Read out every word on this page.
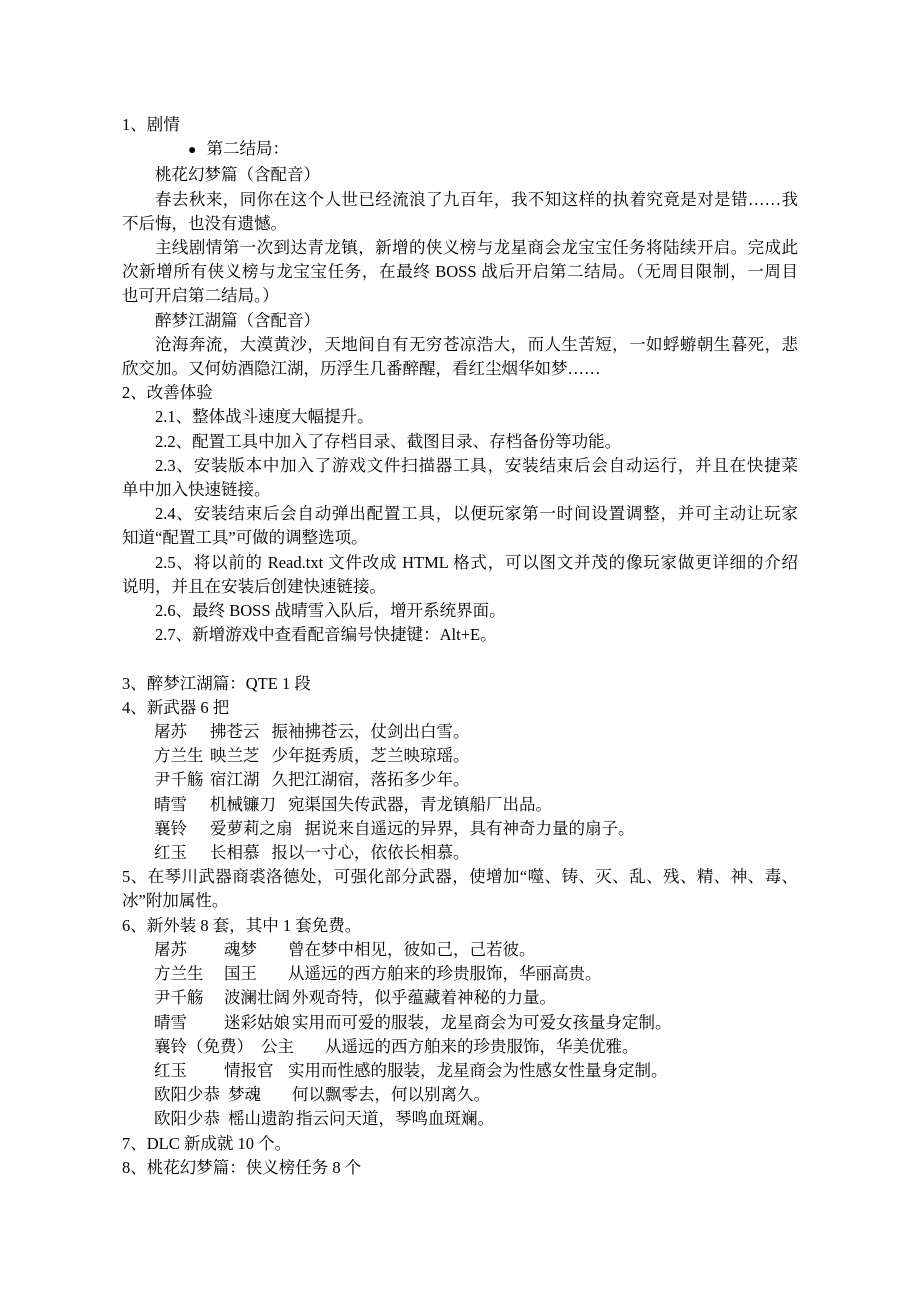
1、剧情
● 第二结局：
桃花幻梦篇（含配音）
春去秋来，同你在这个人世已经流浪了九百年，我不知这样的执着究竟是对是错……我
不后悔，也没有遗憾。
主线剧情第一次到达青龙镇，新增的侠义榜与龙星商会龙宝宝任务将陆续开启。完成此
次新增所有侠义榜与龙宝宝任务，在最终 BOSS 战后开启第二结局。（无周目限制，一周目
也可开启第二结局。）
醉梦江湖篇（含配音）
沧海奔流，大漠黄沙，天地间自有无穷苍凉浩大，而人生苦短，一如蜉蝣朝生暮死，悲
欣交加。又何妨酒隐江湖，历浮生几番醉醒，看红尘烟华如梦……
2、改善体验
2.1、整体战斗速度大幅提升。
2.2、配置工具中加入了存档目录、截图目录、存档备份等功能。
2.3、安装版本中加入了游戏文件扫描器工具，安装结束后会自动运行，并且在快捷菜
单中加入快速链接。
2.4、安装结束后会自动弹出配置工具，以便玩家第一时间设置调整，并可主动让玩家
知道“配置工具”可做的调整选项。
2.5、将以前的 Read.txt 文件改成 HTML 格式，可以图文并茂的像玩家做更详细的介绍
说明，并且在安装后创建快速链接。
2.6、最终 BOSS 战晴雪入队后，增开系统界面。
2.7、新增游戏中查看配音编号快捷键：Alt+E。
3、醉梦江湖篇：QTE 1 段
4、新武器 6 把
屠苏 拂苍云 振袖拂苍云，仗剑出白雪。
方兰生 映兰芝 少年挺秀质，芝兰映琼瑶。
尹千觞 宿江湖 久把江湖宿，落拓多少年。
晴雪 机械镰刀 宛渠国失传武器，青龙镇船厂出品。
襄铃 爱萝莉之扇 据说来自遥远的异界，具有神奇力量的扇子。
红玉 长相慕 报以一寸心，依依长相慕。
5、在琴川武器商裘洛德处，可强化部分武器，使增加“噬、铸、灭、乱、残、精、神、毒、
冰”附加属性。
6、新外装 8 套，其中 1 套免费。
屠苏 魂梦 曾在梦中相见，彼如己，己若彼。
方兰生 国王 从遥远的西方舶来的珍贵服饰，华丽高贵。
尹千觞 波澜壮阔 外观奇特，似乎蕴藏着神秘的力量。
晴雪 迷彩姑娘 实用而可爱的服装，龙星商会为可爱女孩量身定制。
襄铃（免费） 公主 从遥远的西方舶来的珍贵服饰，华美优雅。
红玉 情报官 实用而性感的服装，龙星商会为性感女性量身定制。
欧阳少恭 梦魂 何以飘零去，何以别离久。
欧阳少恭 榣山遗韵 指云问天道，琴鸣血斑斓。
7、DLC 新成就 10 个。
8、桃花幻梦篇：侠义榜任务 8 个
